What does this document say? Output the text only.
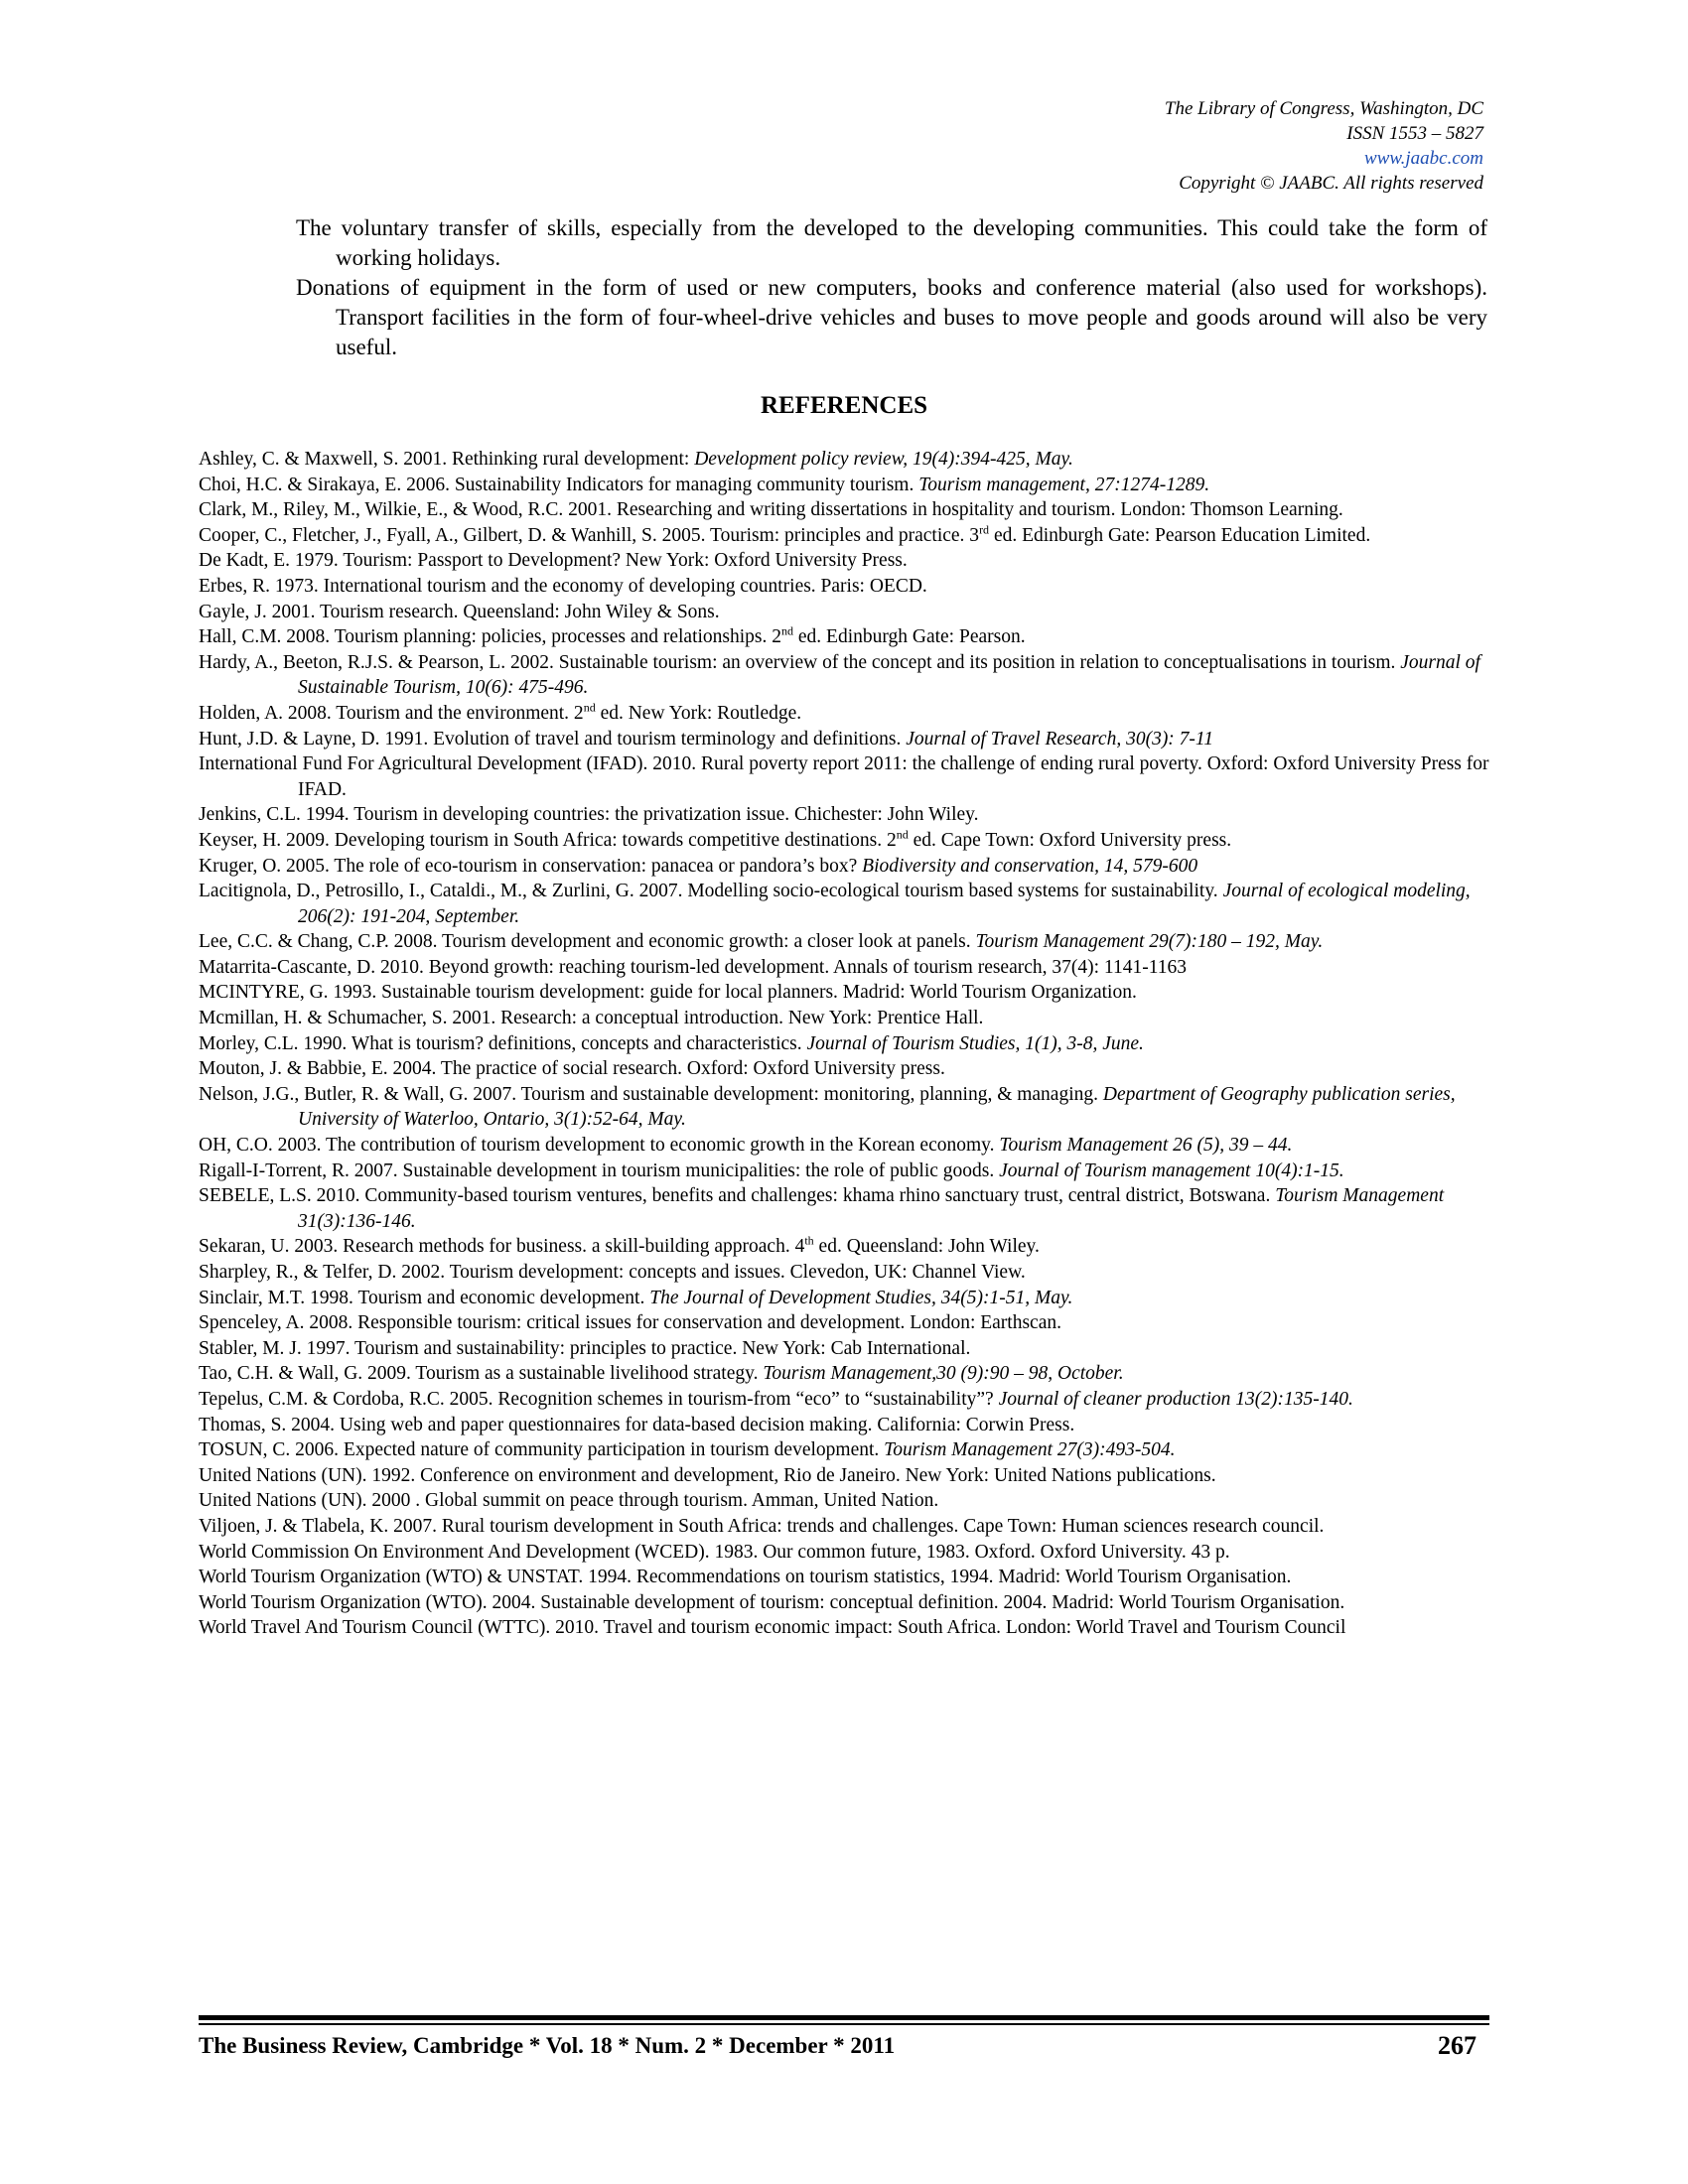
The Library of Congress, Washington, DC
ISSN 1553 – 5827
www.jaabc.com
Copyright © JAABC. All rights reserved

The voluntary transfer of skills, especially from the developed to the developing communities. This could take the form of working holidays.

Donations of equipment in the form of used or new computers, books and conference material (also used for workshops). Transport facilities in the form of four-wheel-drive vehicles and buses to move people and goods around will also be very useful.

REFERENCES

Ashley, C. & Maxwell, S. 2001. Rethinking rural development: Development policy review, 19(4):394-425, May.

Choi, H.C. & Sirakaya, E. 2006. Sustainability Indicators for managing community tourism. Tourism management, 27:1274-1289.

Clark, M., Riley, M., Wilkie, E., & Wood, R.C. 2001. Researching and writing dissertations in hospitality and tourism. London: Thomson Learning.

Cooper, C., Fletcher, J., Fyall, A., Gilbert, D. & Wanhill, S. 2005. Tourism: principles and practice. 3rd ed. Edinburgh Gate: Pearson Education Limited.

De Kadt, E. 1979. Tourism: Passport to Development? New York: Oxford University Press.

Erbes, R. 1973. International tourism and the economy of developing countries. Paris: OECD.

Gayle, J. 2001. Tourism research. Queensland: John Wiley & Sons.

Hall, C.M. 2008. Tourism planning: policies, processes and relationships. 2nd ed. Edinburgh Gate: Pearson.

Hardy, A., Beeton, R.J.S. & Pearson, L. 2002. Sustainable tourism: an overview of the concept and its position in relation to conceptualisations in tourism. Journal of Sustainable Tourism, 10(6): 475-496.

Holden, A. 2008. Tourism and the environment. 2nd ed. New York: Routledge.

Hunt, J.D. & Layne, D. 1991. Evolution of travel and tourism terminology and definitions. Journal of Travel Research, 30(3): 7-11

International Fund For Agricultural Development (IFAD). 2010. Rural poverty report 2011: the challenge of ending rural poverty. Oxford: Oxford University Press for IFAD.

Jenkins, C.L. 1994. Tourism in developing countries: the privatization issue. Chichester: John Wiley.

Keyser, H. 2009. Developing tourism in South Africa: towards competitive destinations. 2nd ed. Cape Town: Oxford University press.

Kruger, O. 2005. The role of eco-tourism in conservation: panacea or pandora’s box? Biodiversity and conservation, 14, 579-600

Lacitignola, D., Petrosillo, I., Cataldi., M., & Zurlini, G. 2007. Modelling socio-ecological tourism based systems for sustainability. Journal of ecological modeling, 206(2): 191-204, September.

Lee, C.C. & Chang, C.P. 2008. Tourism development and economic growth: a closer look at panels. Tourism Management 29(7):180 – 192, May.

Matarrita-Cascante, D. 2010. Beyond growth: reaching tourism-led development. Annals of tourism research, 37(4): 1141-1163

MCINTYRE, G. 1993. Sustainable tourism development: guide for local planners. Madrid: World Tourism Organization.

Mcmillan, H. & Schumacher, S. 2001. Research: a conceptual introduction. New York: Prentice Hall.

Morley, C.L. 1990. What is tourism? definitions, concepts and characteristics. Journal of Tourism Studies, 1(1), 3-8, June.

Mouton, J. & Babbie, E. 2004. The practice of social research. Oxford: Oxford University press.

Nelson, J.G., Butler, R. & Wall, G. 2007. Tourism and sustainable development: monitoring, planning, & managing. Department of Geography publication series, University of Waterloo, Ontario, 3(1):52-64, May.

OH, C.O. 2003. The contribution of tourism development to economic growth in the Korean economy. Tourism Management 26 (5), 39 – 44.

Rigall-I-Torrent, R. 2007. Sustainable development in tourism municipalities: the role of public goods. Journal of Tourism management 10(4):1-15.

SEBELE, L.S. 2010. Community-based tourism ventures, benefits and challenges: khama rhino sanctuary trust, central district, Botswana. Tourism Management 31(3):136-146.

Sekaran, U. 2003. Research methods for business. a skill-building approach. 4th ed. Queensland: John Wiley.

Sharpley, R., & Telfer, D. 2002. Tourism development: concepts and issues. Clevedon, UK: Channel View.

Sinclair, M.T. 1998. Tourism and economic development. The Journal of Development Studies, 34(5):1-51, May.

Spenceley, A. 2008. Responsible tourism: critical issues for conservation and development. London: Earthscan.

Stabler, M. J. 1997. Tourism and sustainability: principles to practice. New York: Cab International.

Tao, C.H. & Wall, G. 2009. Tourism as a sustainable livelihood strategy. Tourism Management,30 (9):90 – 98, October.

Tepelus, C.M. & Cordoba, R.C. 2005. Recognition schemes in tourism-from “eco” to “sustainability”? Journal of cleaner production 13(2):135-140.

Thomas, S. 2004. Using web and paper questionnaires for data-based decision making. California: Corwin Press.

TOSUN, C. 2006. Expected nature of community participation in tourism development. Tourism Management 27(3):493-504.

United Nations (UN). 1992. Conference on environment and development, Rio de Janeiro. New York: United Nations publications.

United Nations (UN). 2000 . Global summit on peace through tourism. Amman, United Nation.

Viljoen, J. & Tlabela, K. 2007. Rural tourism development in South Africa: trends and challenges. Cape Town: Human sciences research council.

World Commission On Environment And Development (WCED). 1983. Our common future, 1983. Oxford. Oxford University. 43 p.

World Tourism Organization (WTO) & UNSTAT. 1994. Recommendations on tourism statistics, 1994. Madrid: World Tourism Organisation.

World Tourism Organization (WTO). 2004. Sustainable development of tourism: conceptual definition. 2004. Madrid: World Tourism Organisation.

World Travel And Tourism Council (WTTC). 2010. Travel and tourism economic impact: South Africa. London: World Travel and Tourism Council

The Business Review, Cambridge * Vol. 18 * Num. 2 * December * 2011	267
